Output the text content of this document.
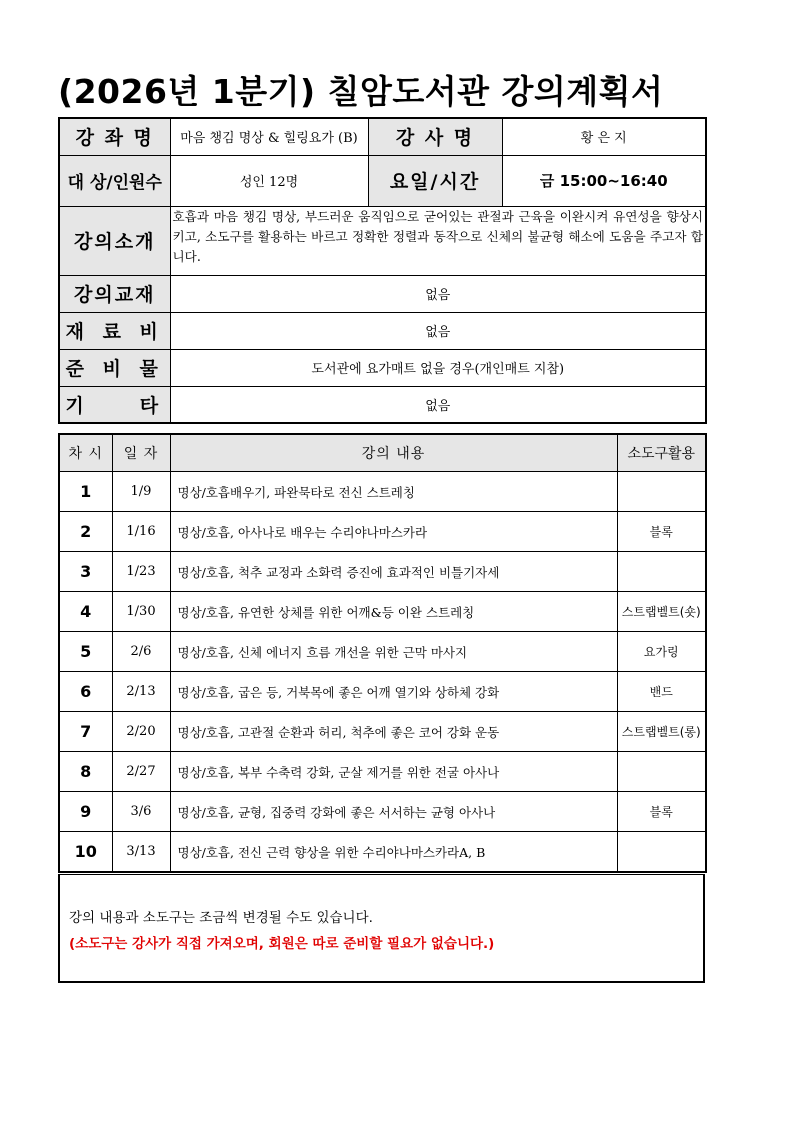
(2026년 1분기) 칠암도서관 강의계획서
강 좌 명	마음 챙김 명상 & 힐링요가 (B)	강 사 명	황 은 지
대 상/인원수	성인 12명	요일/시간	금 15:00~16:40
강의소개	호흡과 마음 챙김 명상, 부드러운 움직임으로 굳어있는 관절과 근육을 이완시켜 유연성을 향상시키고, 소도구를 활용하는 바르고 정확한 정렬과 동작으로 신체의 불균형 해소에 도움을 주고자 합니다.		
강의교재	없음		
재 료 비	없음		
준 비 물	도서관에 요가매트 없을 경우(개인매트 지참)		
기　　타	없음		
차 시	일 자	강의 내용	소도구활용
1	1/9	명상/호흡배우기, 파완묵타로 전신 스트레칭	
2	1/16	명상/호흡, 아사나로 배우는 수리야나마스카라	블록
3	1/23	명상/호흡, 척추 교정과 소화력 증진에 효과적인 비틀기자세	
4	1/30	명상/호흡, 유연한 상체를 위한 어깨&등 이완 스트레칭	스트랩벨트(숏)
5	2/6	명상/호흡, 신체 에너지 흐름 개선을 위한 근막 마사지	요가링
6	2/13	명상/호흡, 굽은 등, 거북목에 좋은 어깨 열기와 상하체 강화	밴드
7	2/20	명상/호흡, 고관절 순환과 허리, 척추에 좋은 코어 강화 운동	스트랩벨트(롱)
8	2/27	명상/호흡, 복부 수축력 강화, 군살 제거를 위한 전굴 아사나	
9	3/6	명상/호흡, 균형, 집중력 강화에 좋은 서서하는 균형 아사나	블록
10	3/13	명상/호흡, 전신 근력 향상을 위한 수리야나마스카라A, B	
강의 내용과 소도구는 조금씩 변경될 수도 있습니다.
(소도구는 강사가 직접 가져오며, 회원은 따로 준비할 필요가 없습니다.)
